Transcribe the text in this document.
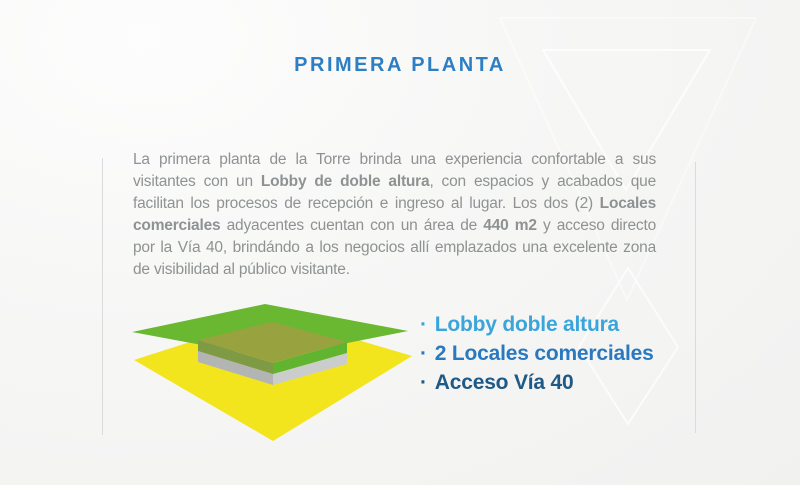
PRIMERA PLANTA

La primera planta de la Torre brinda una experiencia confortable a sus visitantes con un Lobby de doble altura, con espacios y acabados que facilitan los procesos de recepción e ingreso al lugar. Los dos (2) Locales comerciales adyacentes cuentan con un área de 440 m2 y acceso directo por la Vía 40, brindándo a los negocios allí emplazados una excelente zona de visibilidad al público visitante.

· Lobby doble altura
· 2 Locales comerciales
· Acceso Vía 40
